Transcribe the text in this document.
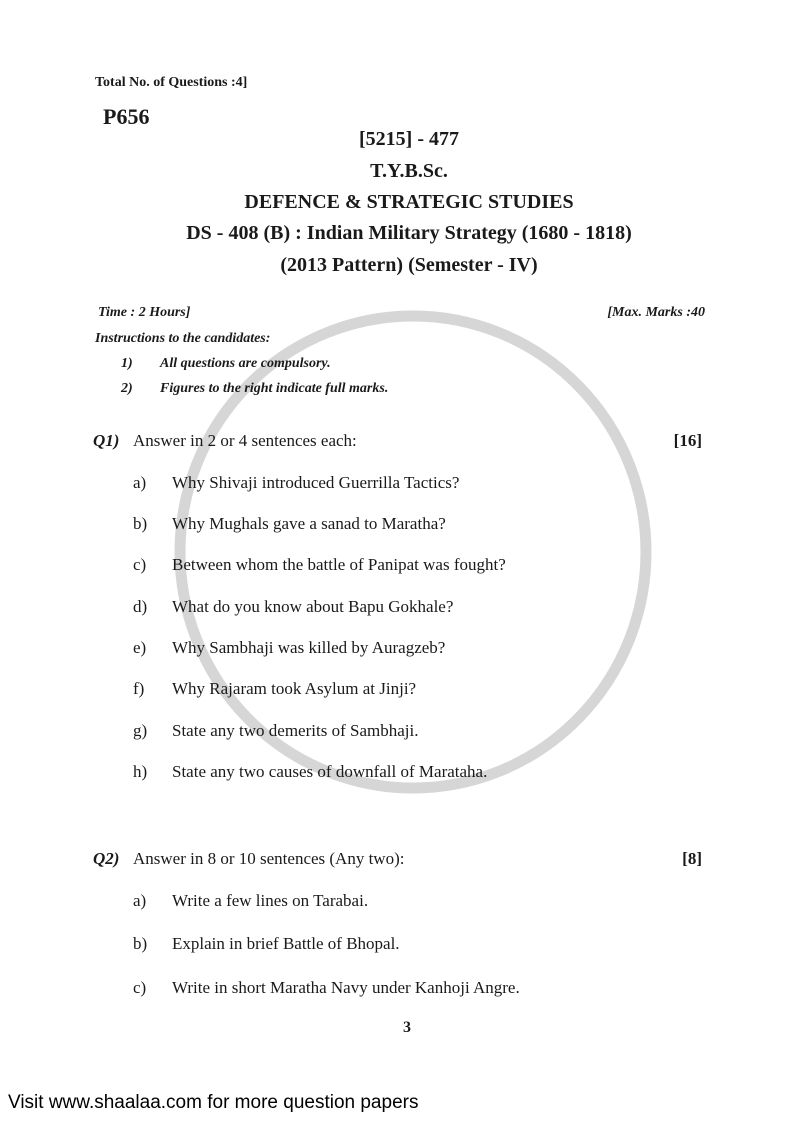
Total No. of Questions :4]
P656
[5215] - 477
T.Y.B.Sc.
DEFENCE & STRATEGIC STUDIES
DS - 408 (B) : Indian Military Strategy (1680 - 1818)
(2013 Pattern) (Semester - IV)
Time : 2 Hours]	[Max. Marks :40
Instructions to the candidates:
1) All questions are compulsory.
2) Figures to the right indicate full marks.
Q1) Answer in 2 or 4 sentences each:	[16]
a) Why Shivaji introduced Guerrilla Tactics?
b) Why Mughals gave a sanad to Maratha?
c) Between whom the battle of Panipat was fought?
d) What do you know about Bapu Gokhale?
e) Why Sambhaji was killed by Auragzeb?
f) Why Rajaram took Asylum at Jinji?
g) State any two demerits of Sambhaji.
h) State any two causes of downfall of Marataha.
Q2) Answer in 8 or 10 sentences (Any two):	[8]
a) Write a few lines on Tarabai.
b) Explain in brief Battle of Bhopal.
c) Write in short Maratha Navy under Kanhoji Angre.
3
Visit www.shaalaa.com for more question papers
